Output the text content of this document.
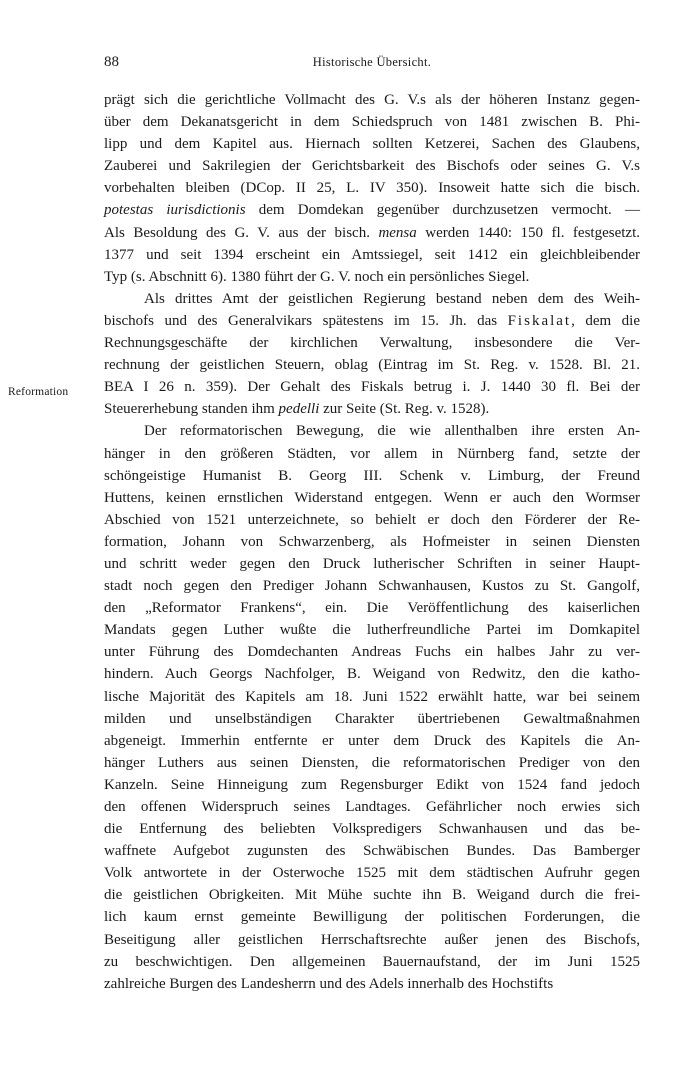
88	Historische Übersicht.
Reformation
prägt sich die gerichtliche Vollmacht des G. V.s als der höheren Instanz gegen-
über dem Dekanatsgericht in dem Schiedspruch von 1481 zwischen B. Phi-
lipp und dem Kapitel aus. Hiernach sollten Ketzerei, Sachen des Glaubens,
Zauberei und Sakrilegien der Gerichtsbarkeit des Bischofs oder seines G. V.s
vorbehalten bleiben (DCop. II 25, L. IV 350). Insoweit hatte sich die bisch.
potestas iurisdictionis dem Domdekan gegenüber durchzusetzen vermocht. —
Als Besoldung des G. V. aus der bisch. mensa werden 1440: 150 fl. festgesetzt.
1377 und seit 1394 erscheint ein Amtssiegel, seit 1412 ein gleichbleibender
Typ (s. Abschnitt 6). 1380 führt der G. V. noch ein persönliches Siegel.
Als drittes Amt der geistlichen Regierung bestand neben dem des Weih-
bischofs und des Generalvikars spätestens im 15. Jh. das Fiskalat, dem die
Rechnungsgeschäfte der kirchlichen Verwaltung, insbesondere die Ver-
rechnung der geistlichen Steuern, oblag (Eintrag im St. Reg. v. 1528. Bl. 21.
BEA I 26 n. 359). Der Gehalt des Fiskals betrug i. J. 1440 30 fl. Bei der
Steuererhebung standen ihm pedelli zur Seite (St. Reg. v. 1528).
Der reformatorischen Bewegung, die wie allenthalben ihre ersten An-
hänger in den größeren Städten, vor allem in Nürnberg fand, setzte der
schöngeistige Humanist B. Georg III. Schenk v. Limburg, der Freund
Huttens, keinen ernstlichen Widerstand entgegen. Wenn er auch den Wormser
Abschied von 1521 unterzeichnete, so behielt er doch den Förderer der Re-
formation, Johann von Schwarzenberg, als Hofmeister in seinen Diensten
und schritt weder gegen den Druck lutherischer Schriften in seiner Haupt-
stadt noch gegen den Prediger Johann Schwanhausen, Kustos zu St. Gangolf,
den „Reformator Frankens“, ein. Die Veröffentlichung des kaiserlichen
Mandats gegen Luther wußte die lutherfreundliche Partei im Domkapitel
unter Führung des Domdechanten Andreas Fuchs ein halbes Jahr zu ver-
hindern. Auch Georgs Nachfolger, B. Weigand von Redwitz, den die katho-
lische Majorität des Kapitels am 18. Juni 1522 erwählt hatte, war bei seinem
milden und unselbständigen Charakter übertriebenen Gewaltmaßnahmen
abgeneigt. Immerhin entfernte er unter dem Druck des Kapitels die An-
hänger Luthers aus seinen Diensten, die reformatorischen Prediger von den
Kanzeln. Seine Hinneigung zum Regensburger Edikt von 1524 fand jedoch
den offenen Widerspruch seines Landtages. Gefährlicher noch erwies sich
die Entfernung des beliebten Volkspredigers Schwanhausen und das be-
waffnete Aufgebot zugunsten des Schwäbischen Bundes. Das Bamberger
Volk antwortete in der Osterwoche 1525 mit dem städtischen Aufruhr gegen
die geistlichen Obrigkeiten. Mit Mühe suchte ihn B. Weigand durch die frei-
lich kaum ernst gemeinte Bewilligung der politischen Forderungen, die
Beseitigung aller geistlichen Herrschaftsrechte außer jenen des Bischofs,
zu beschwichtigen. Den allgemeinen Bauernaufstand, der im Juni 1525
zahlreiche Burgen des Landesherrn und des Adels innerhalb des Hochstifts
